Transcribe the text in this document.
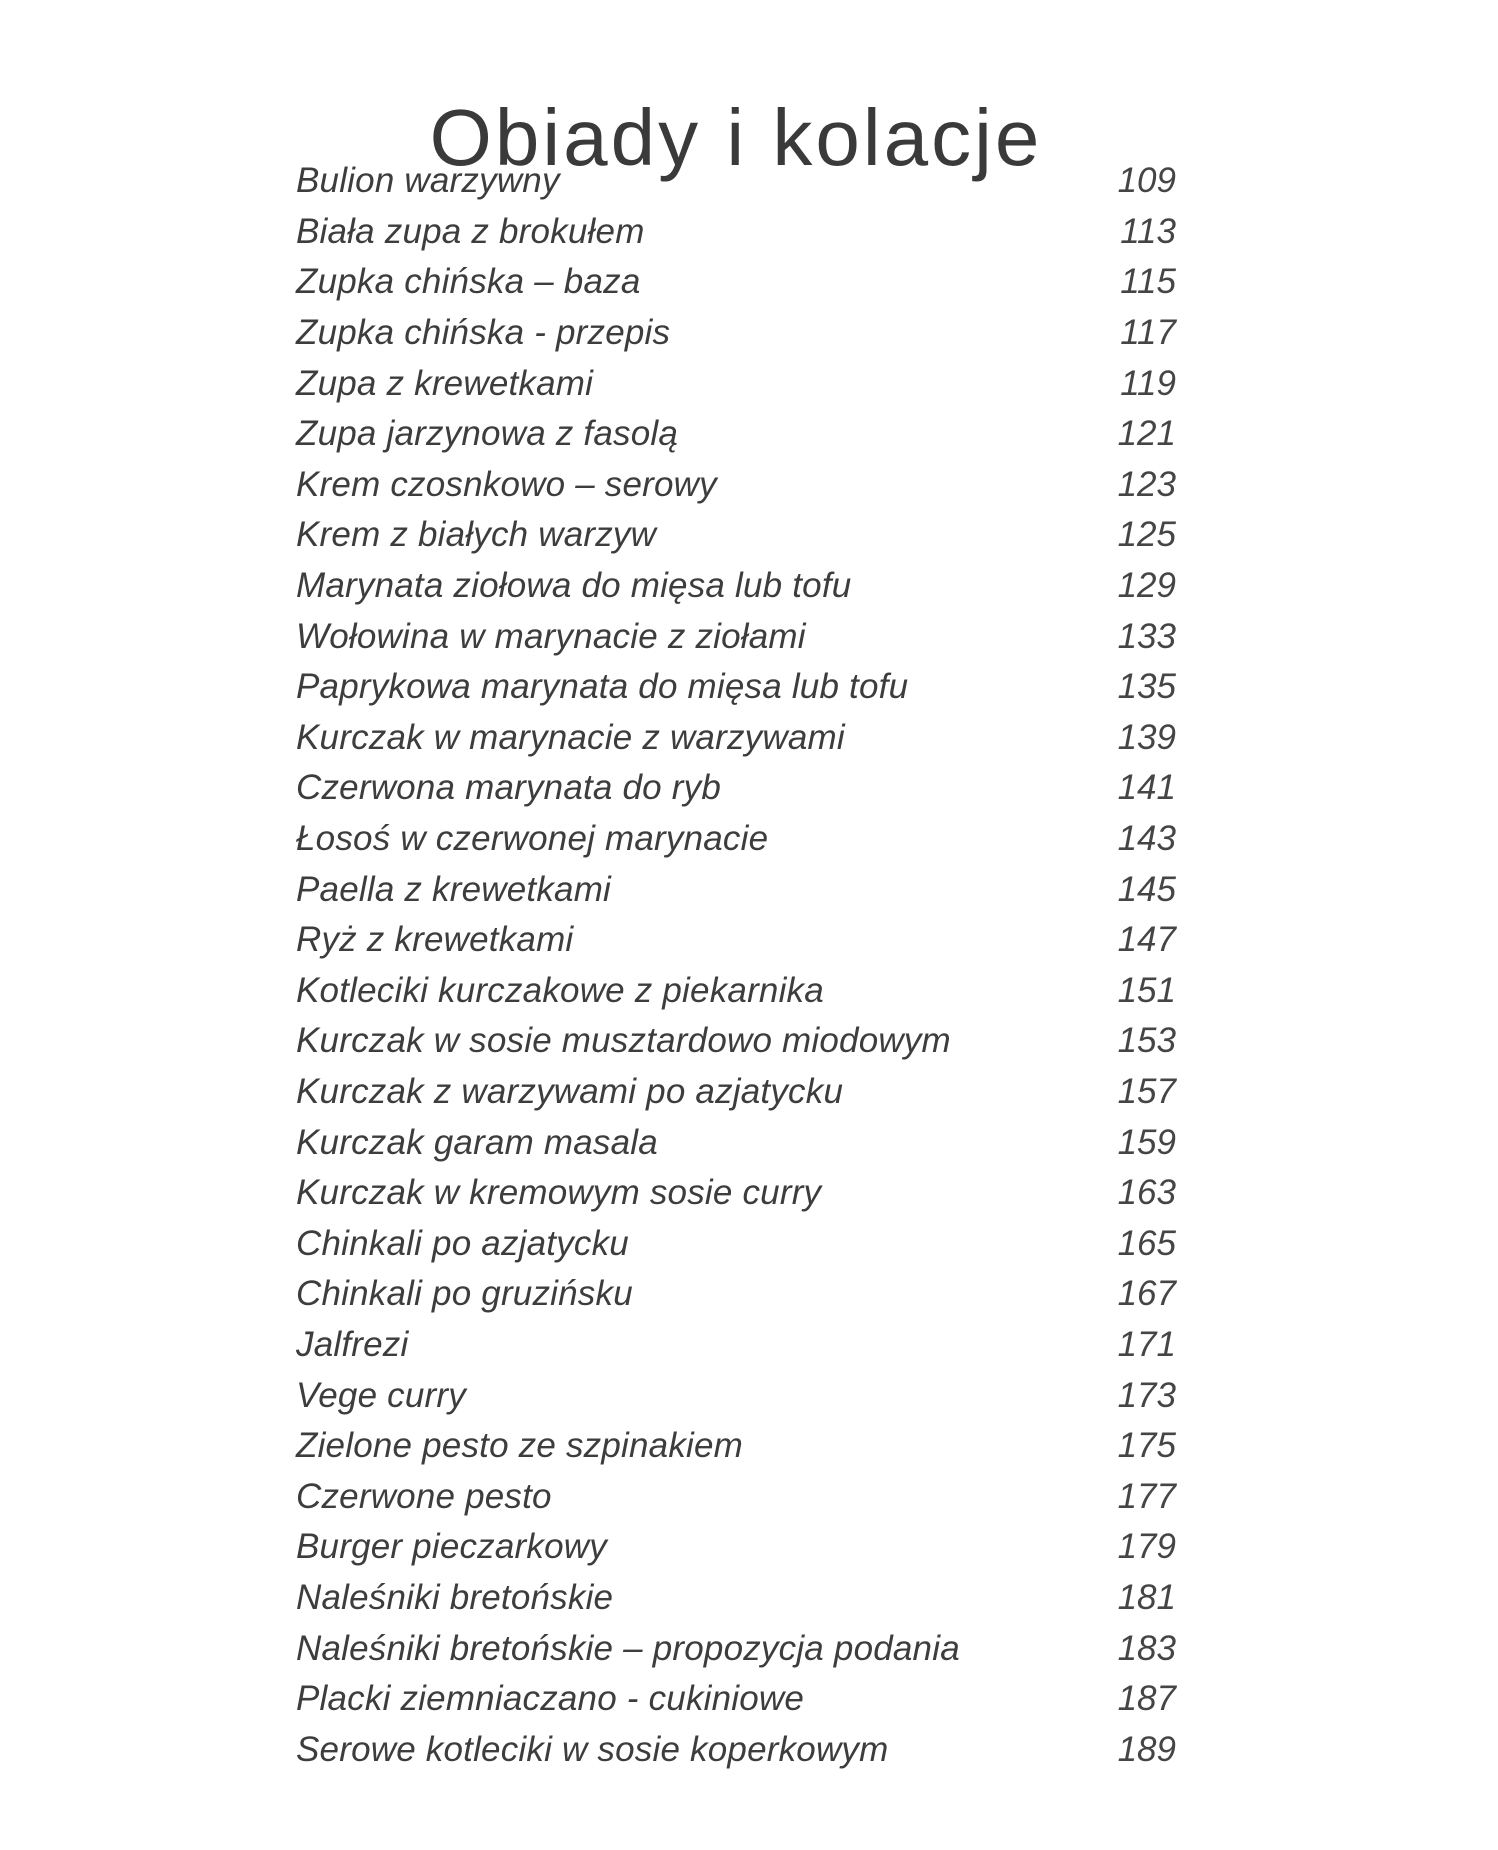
Obiady i kolacje
Bulion warzywny	109
Biała zupa z brokułem	113
Zupka chińska – baza	115
Zupka chińska - przepis	117
Zupa z krewetkami	119
Zupa jarzynowa z fasolą	121
Krem czosnkowo – serowy	123
Krem z białych warzyw	125
Marynata ziołowa do mięsa lub tofu	129
Wołowina w marynacie z ziołami	133
Paprykowa marynata do mięsa lub tofu	135
Kurczak w marynacie z warzywami	139
Czerwona marynata do ryb	141
Łosoś w czerwonej marynacie	143
Paella z krewetkami	145
Ryż z krewetkami	147
Kotleciki kurczakowe z piekarnika	151
Kurczak w sosie musztardowo miodowym	153
Kurczak z warzywami po azjatycku	157
Kurczak garam masala	159
Kurczak w kremowym sosie curry	163
Chinkali po azjatycku	165
Chinkali po gruzińsku	167
Jalfrezi	171
Vege curry	173
Zielone pesto ze szpinakiem	175
Czerwone pesto	177
Burger pieczarkowy	179
Naleśniki bretońskie	181
Naleśniki bretońskie – propozycja podania	183
Placki ziemniaczano - cukiniowe	187
Serowe kotleciki w sosie koperkowym	189
